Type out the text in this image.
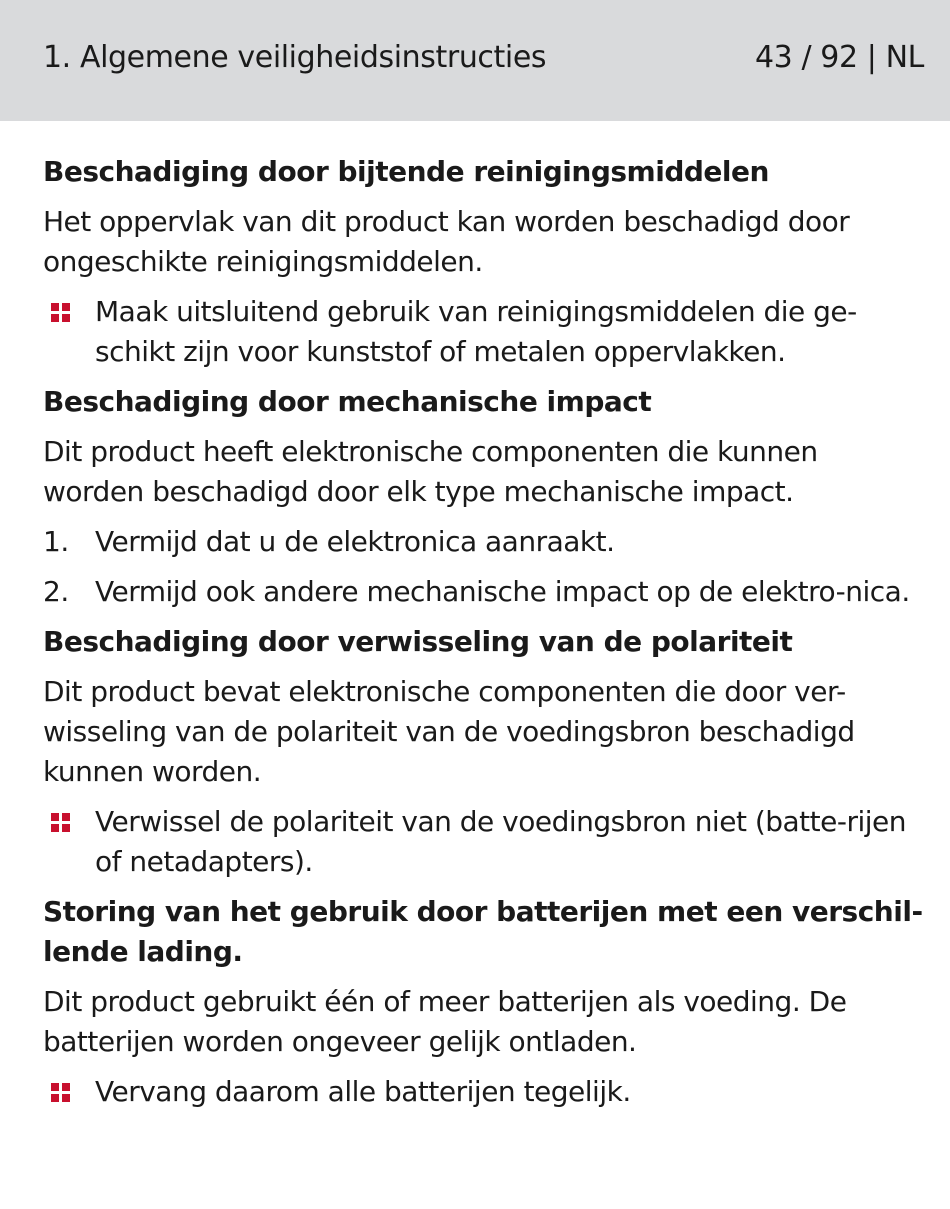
1. Algemene veiligheidsinstructies	43 / 92 | NL
Beschadiging door bijtende reinigingsmiddelen

Het oppervlak van dit product kan worden beschadigd door ongeschikte reinigingsmiddelen.

Maak uitsluitend gebruik van reinigingsmiddelen die ge-schikt zijn voor kunststof of metalen oppervlakken.
Beschadiging door mechanische impact

Dit product heeft elektronische componenten die kunnen worden beschadigd door elk type mechanische impact.

1. Vermijd dat u de elektronica aanraakt.
2. Vermijd ook andere mechanische impact op de elektro-nica.
Beschadiging door verwisseling van de polariteit

Dit product bevat elektronische componenten die door ver-wisseling van de polariteit van de voedingsbron beschadigd kunnen worden.

Verwissel de polariteit van de voedingsbron niet (batte-rijen of netadapters).
Storing van het gebruik door batterijen met een verschil-lende lading.

Dit product gebruikt één of meer batterijen als voeding. De batterijen worden ongeveer gelijk ontladen.

Vervang daarom alle batterijen tegelijk.
